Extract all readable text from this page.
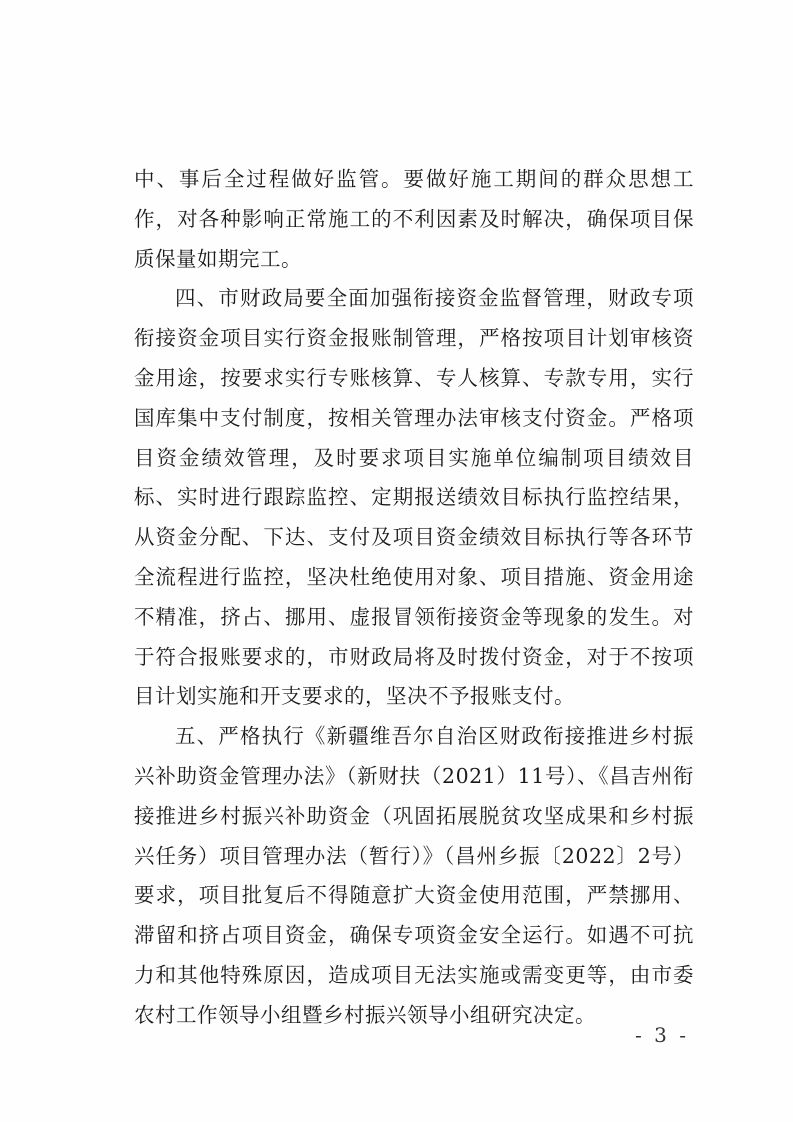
中、事后全过程做好监管。要做好施工期间的群众思想工作，对各种影响正常施工的不利因素及时解决，确保项目保质保量如期完工。

四、市财政局要全面加强衔接资金监督管理，财政专项衔接资金项目实行资金报账制管理，严格按项目计划审核资金用途，按要求实行专账核算、专人核算、专款专用，实行国库集中支付制度，按相关管理办法审核支付资金。严格项目资金绩效管理，及时要求项目实施单位编制项目绩效目标、实时进行跟踪监控、定期报送绩效目标执行监控结果，从资金分配、下达、支付及项目资金绩效目标执行等各环节全流程进行监控，坚决杜绝使用对象、项目措施、资金用途不精准，挤占、挪用、虚报冒领衔接资金等现象的发生。对于符合报账要求的，市财政局将及时拨付资金，对于不按项目计划实施和开支要求的，坚决不予报账支付。

五、严格执行《新疆维吾尔自治区财政衔接推进乡村振兴补助资金管理办法》（新财扶（2021）11号）、《昌吉州衔接推进乡村振兴补助资金（巩固拓展脱贫攻坚成果和乡村振兴任务）项目管理办法（暂行）》（昌州乡振〔2022〕2号）要求，项目批复后不得随意扩大资金使用范围，严禁挪用、滞留和挤占项目资金，确保专项资金安全运行。如遇不可抗力和其他特殊原因，造成项目无法实施或需变更等，由市委农村工作领导小组暨乡村振兴领导小组研究决定。

- 3 -
